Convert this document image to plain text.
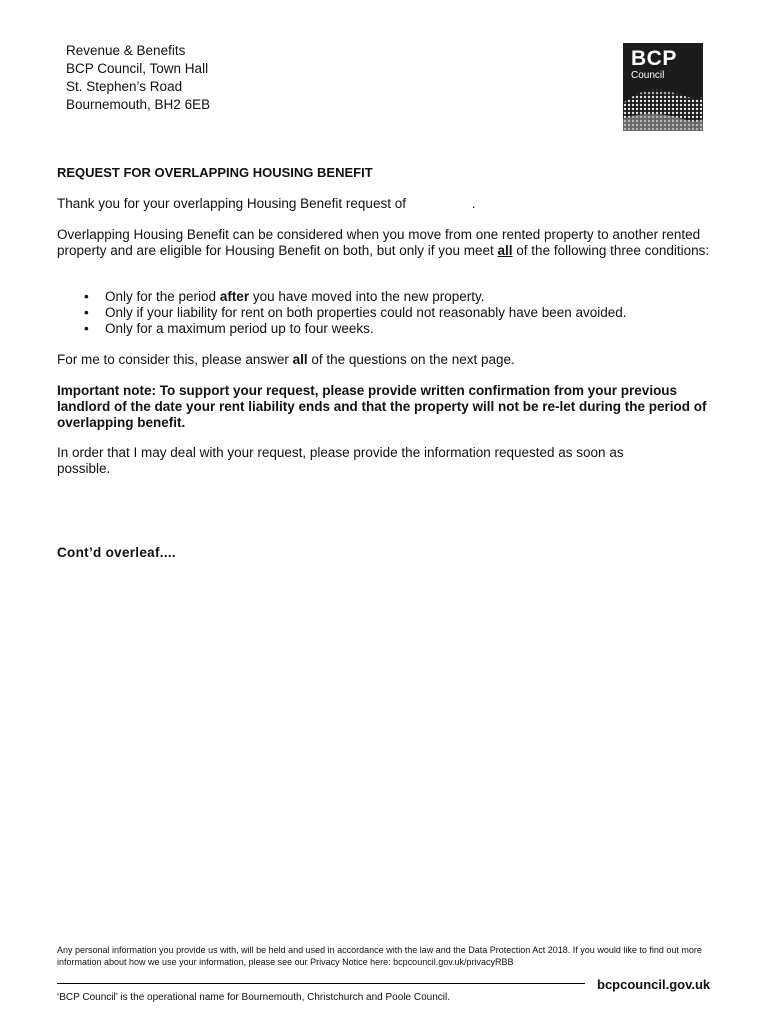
Revenue & Benefits
BCP Council, Town Hall
St. Stephen’s Road
Bournemouth, BH2 6EB
BCP
Council
REQUEST FOR OVERLAPPING HOUSING BENEFIT
Thank you for your overlapping Housing Benefit request of	.
Overlapping Housing Benefit can be considered when you move from one rented property to another rented property and are eligible for Housing Benefit on both, but only if you meet all of the following three conditions:
• Only for the period after you have moved into the new property.
• Only if your liability for rent on both properties could not reasonably have been avoided.
• Only for a maximum period up to four weeks.
For me to consider this, please answer all of the questions on the next page.
Important note: To support your request, please provide written confirmation from your previous landlord of the date your rent liability ends and that the property will not be re-let during the period of overlapping benefit.
In order that I may deal with your request, please provide the information requested as soon as possible.
Cont’d overleaf....
Any personal information you provide us with, will be held and used in accordance with the law and the Data Protection Act 2018. If you would like to find out more information about how we use your information, please see our Privacy Notice here: bcpcouncil.gov.uk/privacyRBB
bcpcouncil.gov.uk
‘BCP Council’ is the operational name for Bournemouth, Christchurch and Poole Council.
